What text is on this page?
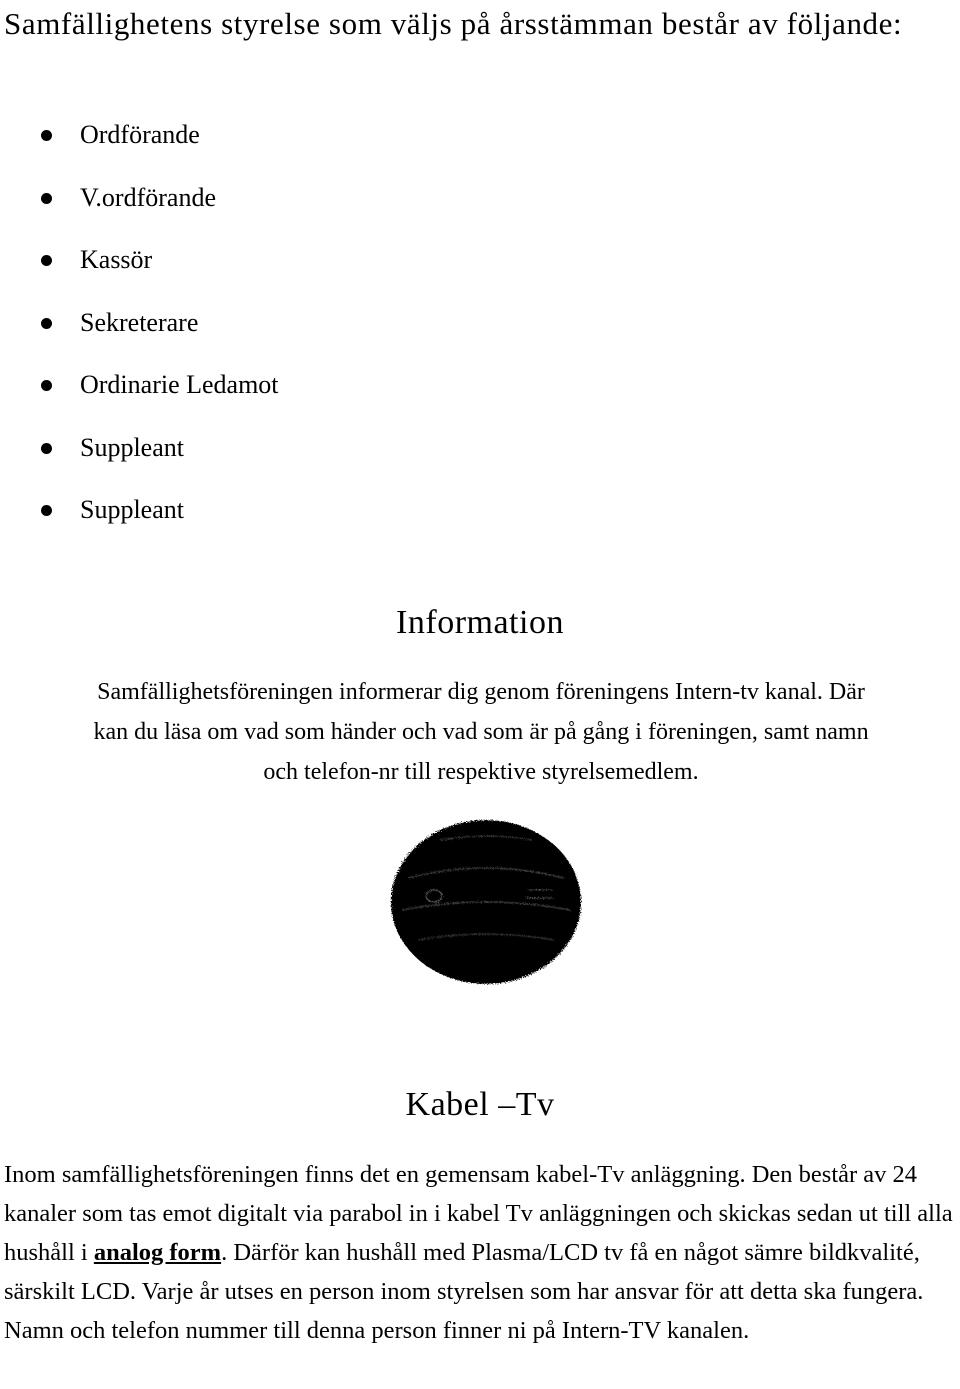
Samfällighetens styrelse som väljs på årsstämman består av följande:
Ordförande
V.ordförande
Kassör
Sekreterare
Ordinarie Ledamot
Suppleant
Suppleant
Information

Samfällighetsföreningen informerar dig genom föreningens Intern-tv kanal. Där
kan du läsa om vad som händer och vad som är på gång i föreningen, samt namn
och telefon-nr till respektive styrelsemedlem.

Kabel –Tv

Inom samfällighetsföreningen finns det en gemensam kabel-Tv anläggning. Den består av 24 kanaler som tas emot digitalt via parabol in i kabel Tv anläggningen och skickas sedan ut till alla hushåll i analog form. Därför kan hushåll med Plasma/LCD tv få en något sämre bildkvalité, särskilt LCD. Varje år utses en person inom styrelsen som har ansvar för att detta ska fungera. Namn och telefon nummer till denna person finner ni på Intern-TV kanalen.
